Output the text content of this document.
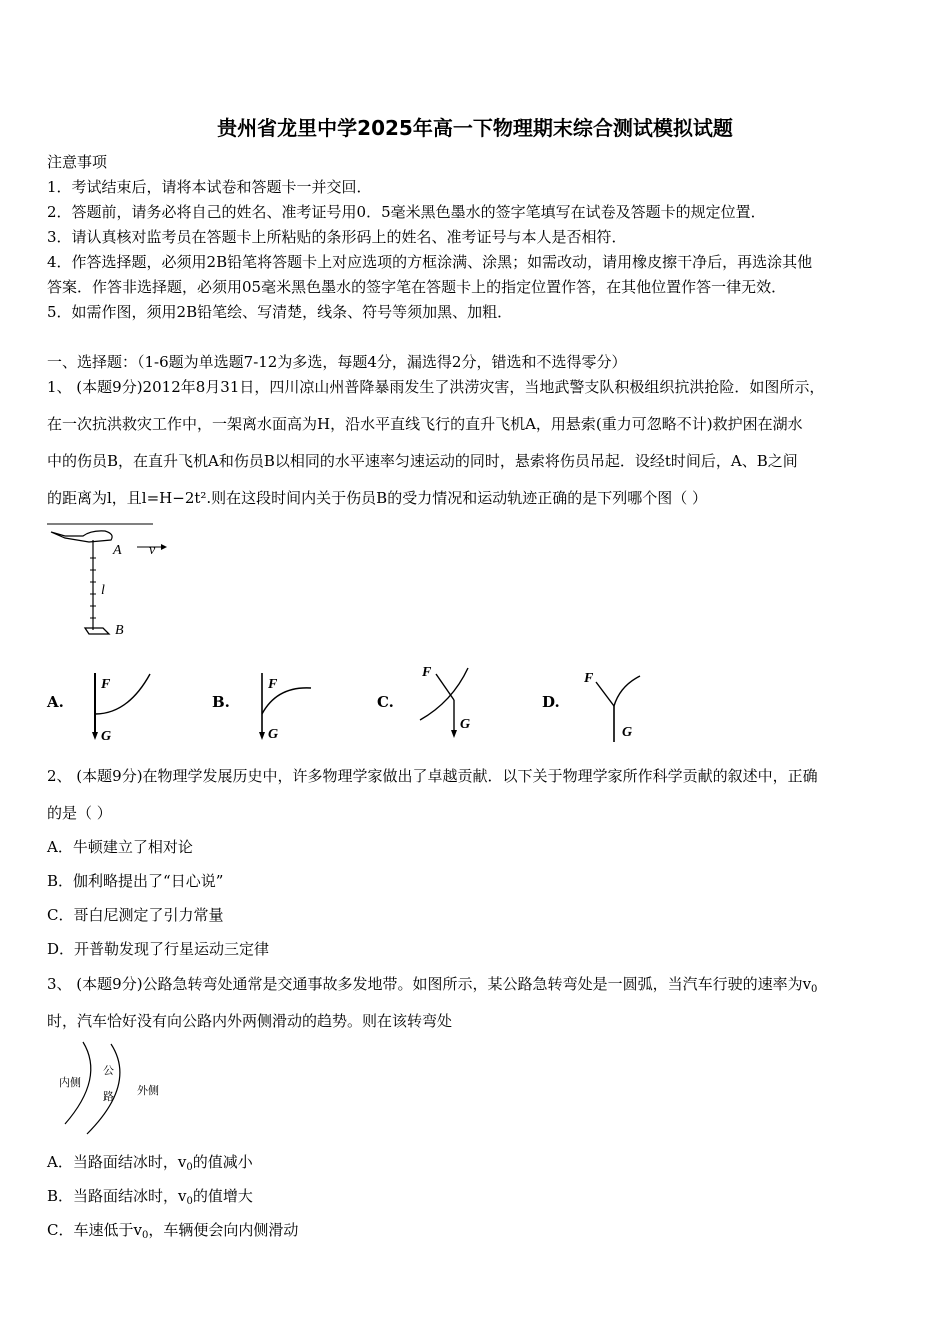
贵州省龙里中学2025年高一下物理期末综合测试模拟试题
注意事项
1．考试结束后，请将本试卷和答题卡一并交回．
2．答题前，请务必将自己的姓名、准考证号用0．5毫米黑色墨水的签字笔填写在试卷及答题卡的规定位置．
3．请认真核对监考员在答题卡上所粘贴的条形码上的姓名、准考证号与本人是否相符．
4．作答选择题，必须用2B铅笔将答题卡上对应选项的方框涂满、涂黑；如需改动，请用橡皮擦干净后，再选涂其他
答案．作答非选择题，必须用05毫米黑色墨水的签字笔在答题卡上的指定位置作答，在其他位置作答一律无效．
5．如需作图，须用2B铅笔绘、写清楚，线条、符号等须加黑、加粗．
一、选择题：（1-6题为单选题7-12为多选，每题4分，漏选得2分，错选和不选得零分）
1、 (本题9分)2012年8月31日，四川凉山州普降暴雨发生了洪涝灾害，当地武警支队积极组织抗洪抢险．如图所示，
在一次抗洪救灾工作中，一架离水面高为H，沿水平直线飞行的直升飞机A，用悬索(重力可忽略不计)救护困在湖水
中的伤员B，在直升飞机A和伤员B以相同的水平速率匀速运动的同时，悬索将伤员吊起．设经t时间后，A、B之间
的距离为l，且l=H−2t².则在这段时间内关于伤员B的受力情况和运动轨迹正确的是下列哪个图（ ）
A v
l
B
A.
F
G
B.
F
G
C.
F
G
D.
F
G
2、 (本题9分)在物理学发展历史中，许多物理学家做出了卓越贡献．以下关于物理学家所作科学贡献的叙述中，正确
的是（ ）
A．牛顿建立了相对论
B．伽利略提出了“日心说”
C．哥白尼测定了引力常量
D．开普勒发现了行星运动三定律
3、 (本题9分)公路急转弯处通常是交通事故多发地带。如图所示，某公路急转弯处是一圆弧，当汽车行驶的速率为$v_0$
时，汽车恰好没有向公路内外两侧滑动的趋势。则在该转弯处
内侧
公
路 外侧
A．当路面结冰时，$v_0$的值减小
B．当路面结冰时，$v_0$的值增大
C．车速低于$v_0$，车辆便会向内侧滑动
